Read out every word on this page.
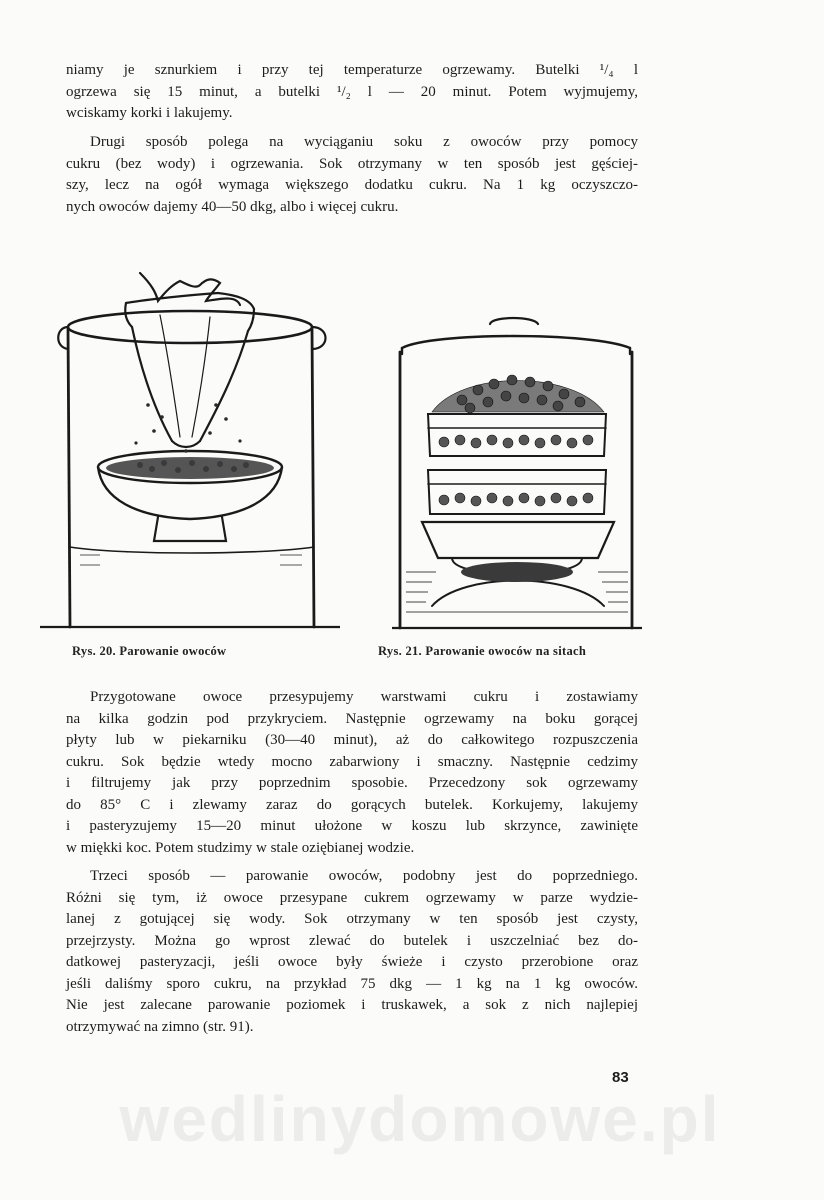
niamy je sznurkiem i przy tej temperaturze ogrzewamy. Butelki ¹/₄ l
ogrzewa się 15 minut, a butelki ¹/₂ l — 20 minut. Potem wyjmujemy,
wciskamy korki i lakujemy.
Drugi sposób polega na wyciąganiu soku z owoców przy pomocy
cukru (bez wody) i ogrzewania. Sok otrzymany w ten sposób jest gęściej-
szy, lecz na ogół wymaga większego dodatku cukru. Na 1 kg oczyszczo-
nych owoców dajemy 40—50 dkg, albo i więcej cukru.
Rys. 20. Parowanie owoców	Rys. 21. Parowanie owoców na sitach
Przygotowane owoce przesypujemy warstwami cukru i zostawiamy
na kilka godzin pod przykryciem. Następnie ogrzewamy na boku gorącej
płyty lub w piekarniku (30—40 minut), aż do całkowitego rozpuszczenia
cukru. Sok będzie wtedy mocno zabarwiony i smaczny. Następnie cedzimy
i filtrujemy jak przy poprzednim sposobie. Przecedzony sok ogrzewamy
do 85° C i zlewamy zaraz do gorących butelek. Korkujemy, lakujemy
i pasteryzujemy 15—20 minut ułożone w koszu lub skrzynce, zawinięte
w miękki koc. Potem studzimy w stale oziębianej wodzie.
Trzeci sposób — parowanie owoców, podobny jest do poprzedniego.
Różni się tym, iż owoce przesypane cukrem ogrzewamy w parze wydzie-
lanej z gotującej się wody. Sok otrzymany w ten sposób jest czysty,
przejrzysty. Można go wprost zlewać do butelek i uszczelniać bez do-
datkowej pasteryzacji, jeśli owoce były świeże i czysto przerobione oraz
jeśli daliśmy sporo cukru, na przykład 75 dkg — 1 kg na 1 kg owoców.
Nie jest zalecane parowanie poziomek i truskawek, a sok z nich najlepiej
otrzymywać na zimno (str. 91).
83
wedlinydomowe.pl
